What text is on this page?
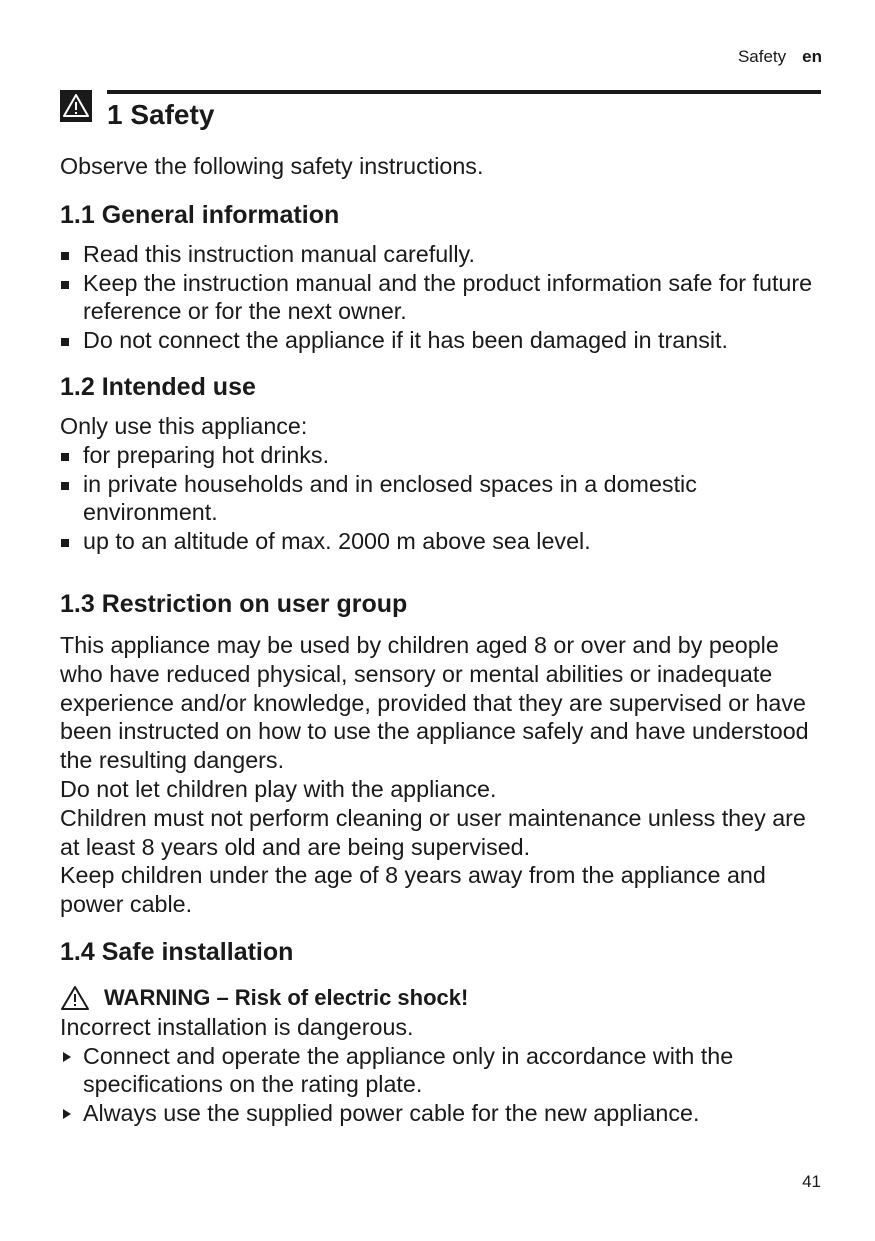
Safety en
1 Safety

Observe the following safety instructions.

1.1 General information
Read this instruction manual carefully.
Keep the instruction manual and the product information safe for future reference or for the next owner.
Do not connect the appliance if it has been damaged in transit.
1.2 Intended use

Only use this appliance:

for preparing hot drinks.
in private households and in enclosed spaces in a domestic environment.
up to an altitude of max. 2000 m above sea level.
1.3 Restriction on user group

This appliance may be used by children aged 8 or over and by people who have reduced physical, sensory or mental abilities or inadequate experience and/or knowledge, provided that they are supervised or have been instructed on how to use the appliance safely and have understood the resulting dangers.

Do not let children play with the appliance.

Children must not perform cleaning or user maintenance unless they are at least 8 years old and are being supervised.

Keep children under the age of 8 years away from the appliance and power cable.

1.4 Safe installation
WARNING – Risk of electric shock!

Incorrect installation is dangerous.

Connect and operate the appliance only in accordance with the specifications on the rating plate.
Always use the supplied power cable for the new appliance.
41
